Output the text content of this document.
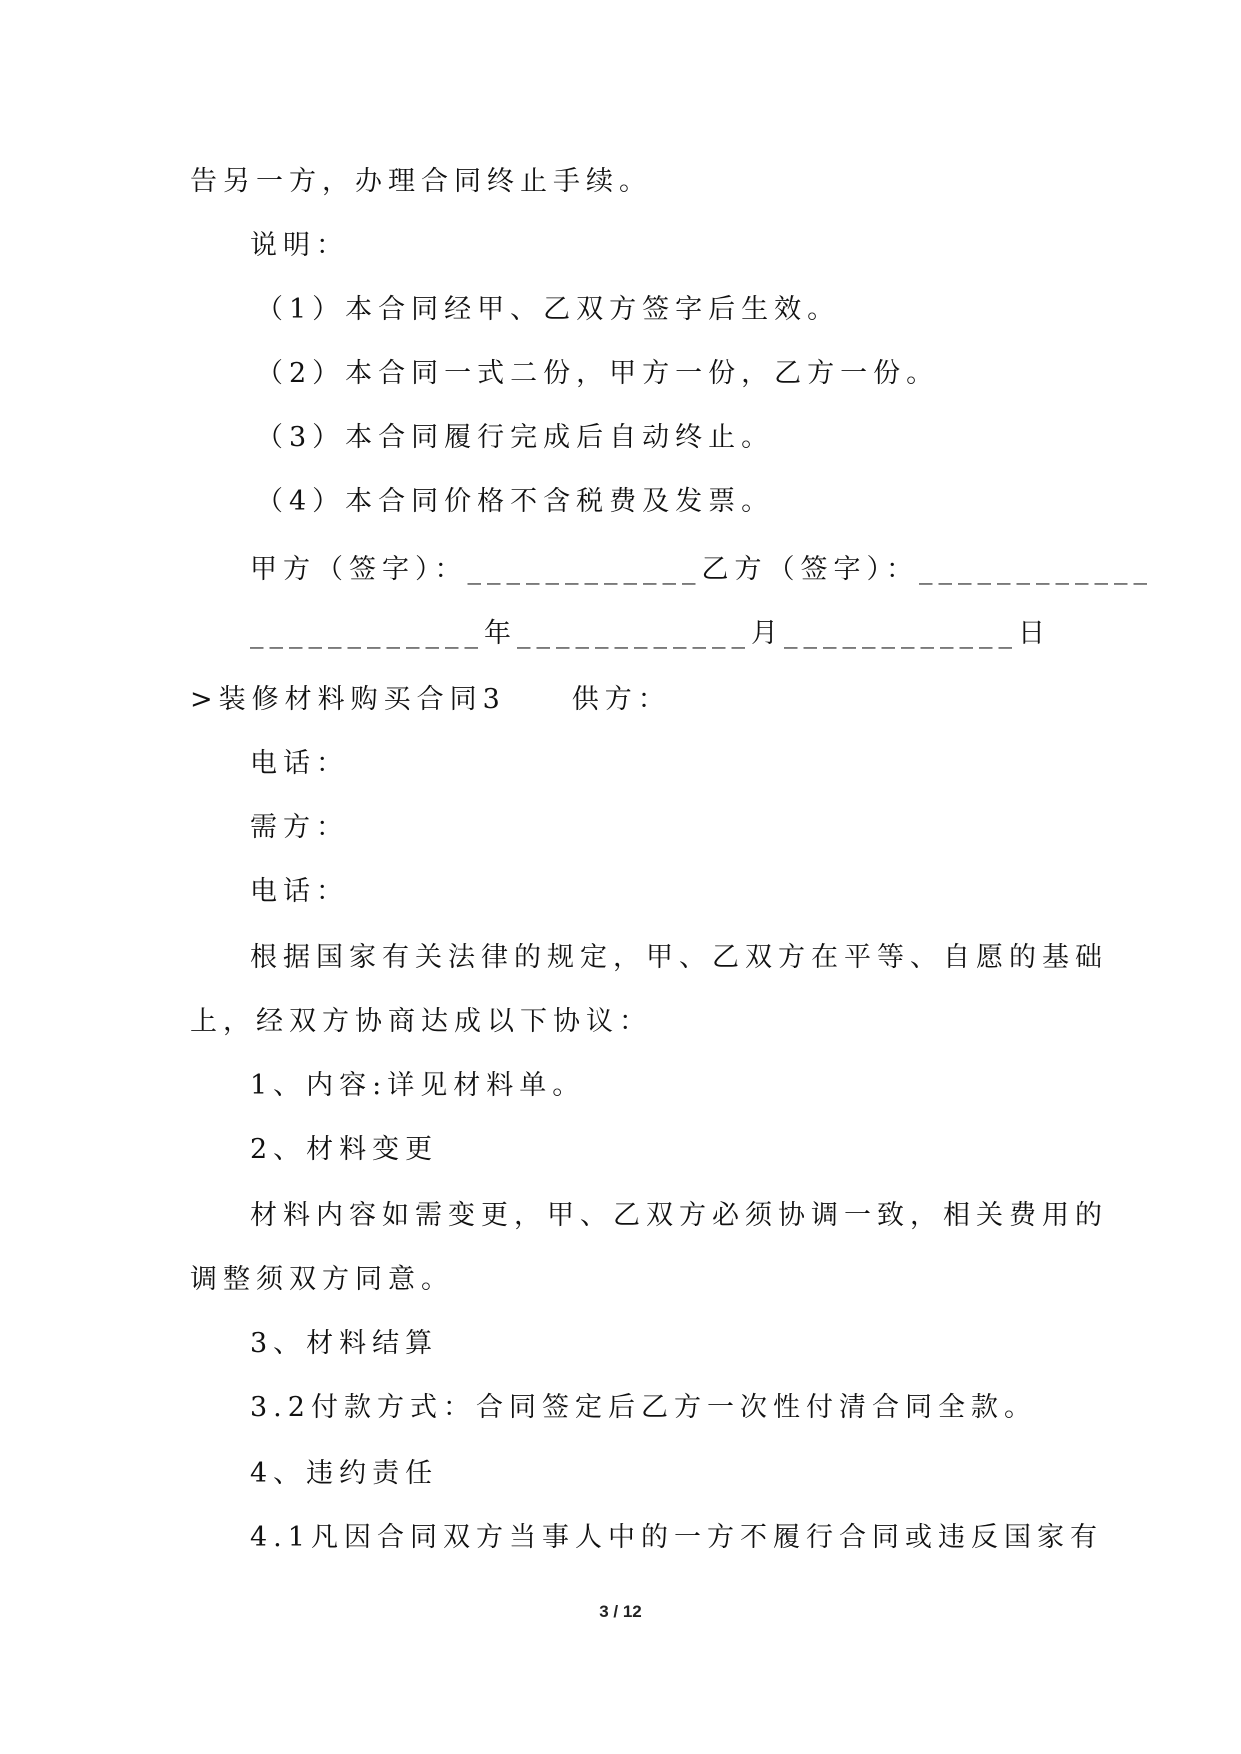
告另一方，办理合同终止手续。
说明：
（1）本合同经甲、乙双方签字后生效。
（2）本合同一式二份，甲方一份，乙方一份。
（3）本合同履行完成后自动终止。
（4）本合同价格不含税费及发票。
甲方（签字）：____________乙方（签字）：____________
____________年____________月____________日
>装修材料购买合同3　　供方：
电话：
需方：
电话：
根据国家有关法律的规定，甲、乙双方在平等、自愿的基础
上，经双方协商达成以下协议：
1、内容:详见材料单。
2、材料变更
材料内容如需变更，甲、乙双方必须协调一致，相关费用的
调整须双方同意。
3、材料结算
3.2付款方式：合同签定后乙方一次性付清合同全款。
4、违约责任
4.1凡因合同双方当事人中的一方不履行合同或违反国家有
3 / 12
